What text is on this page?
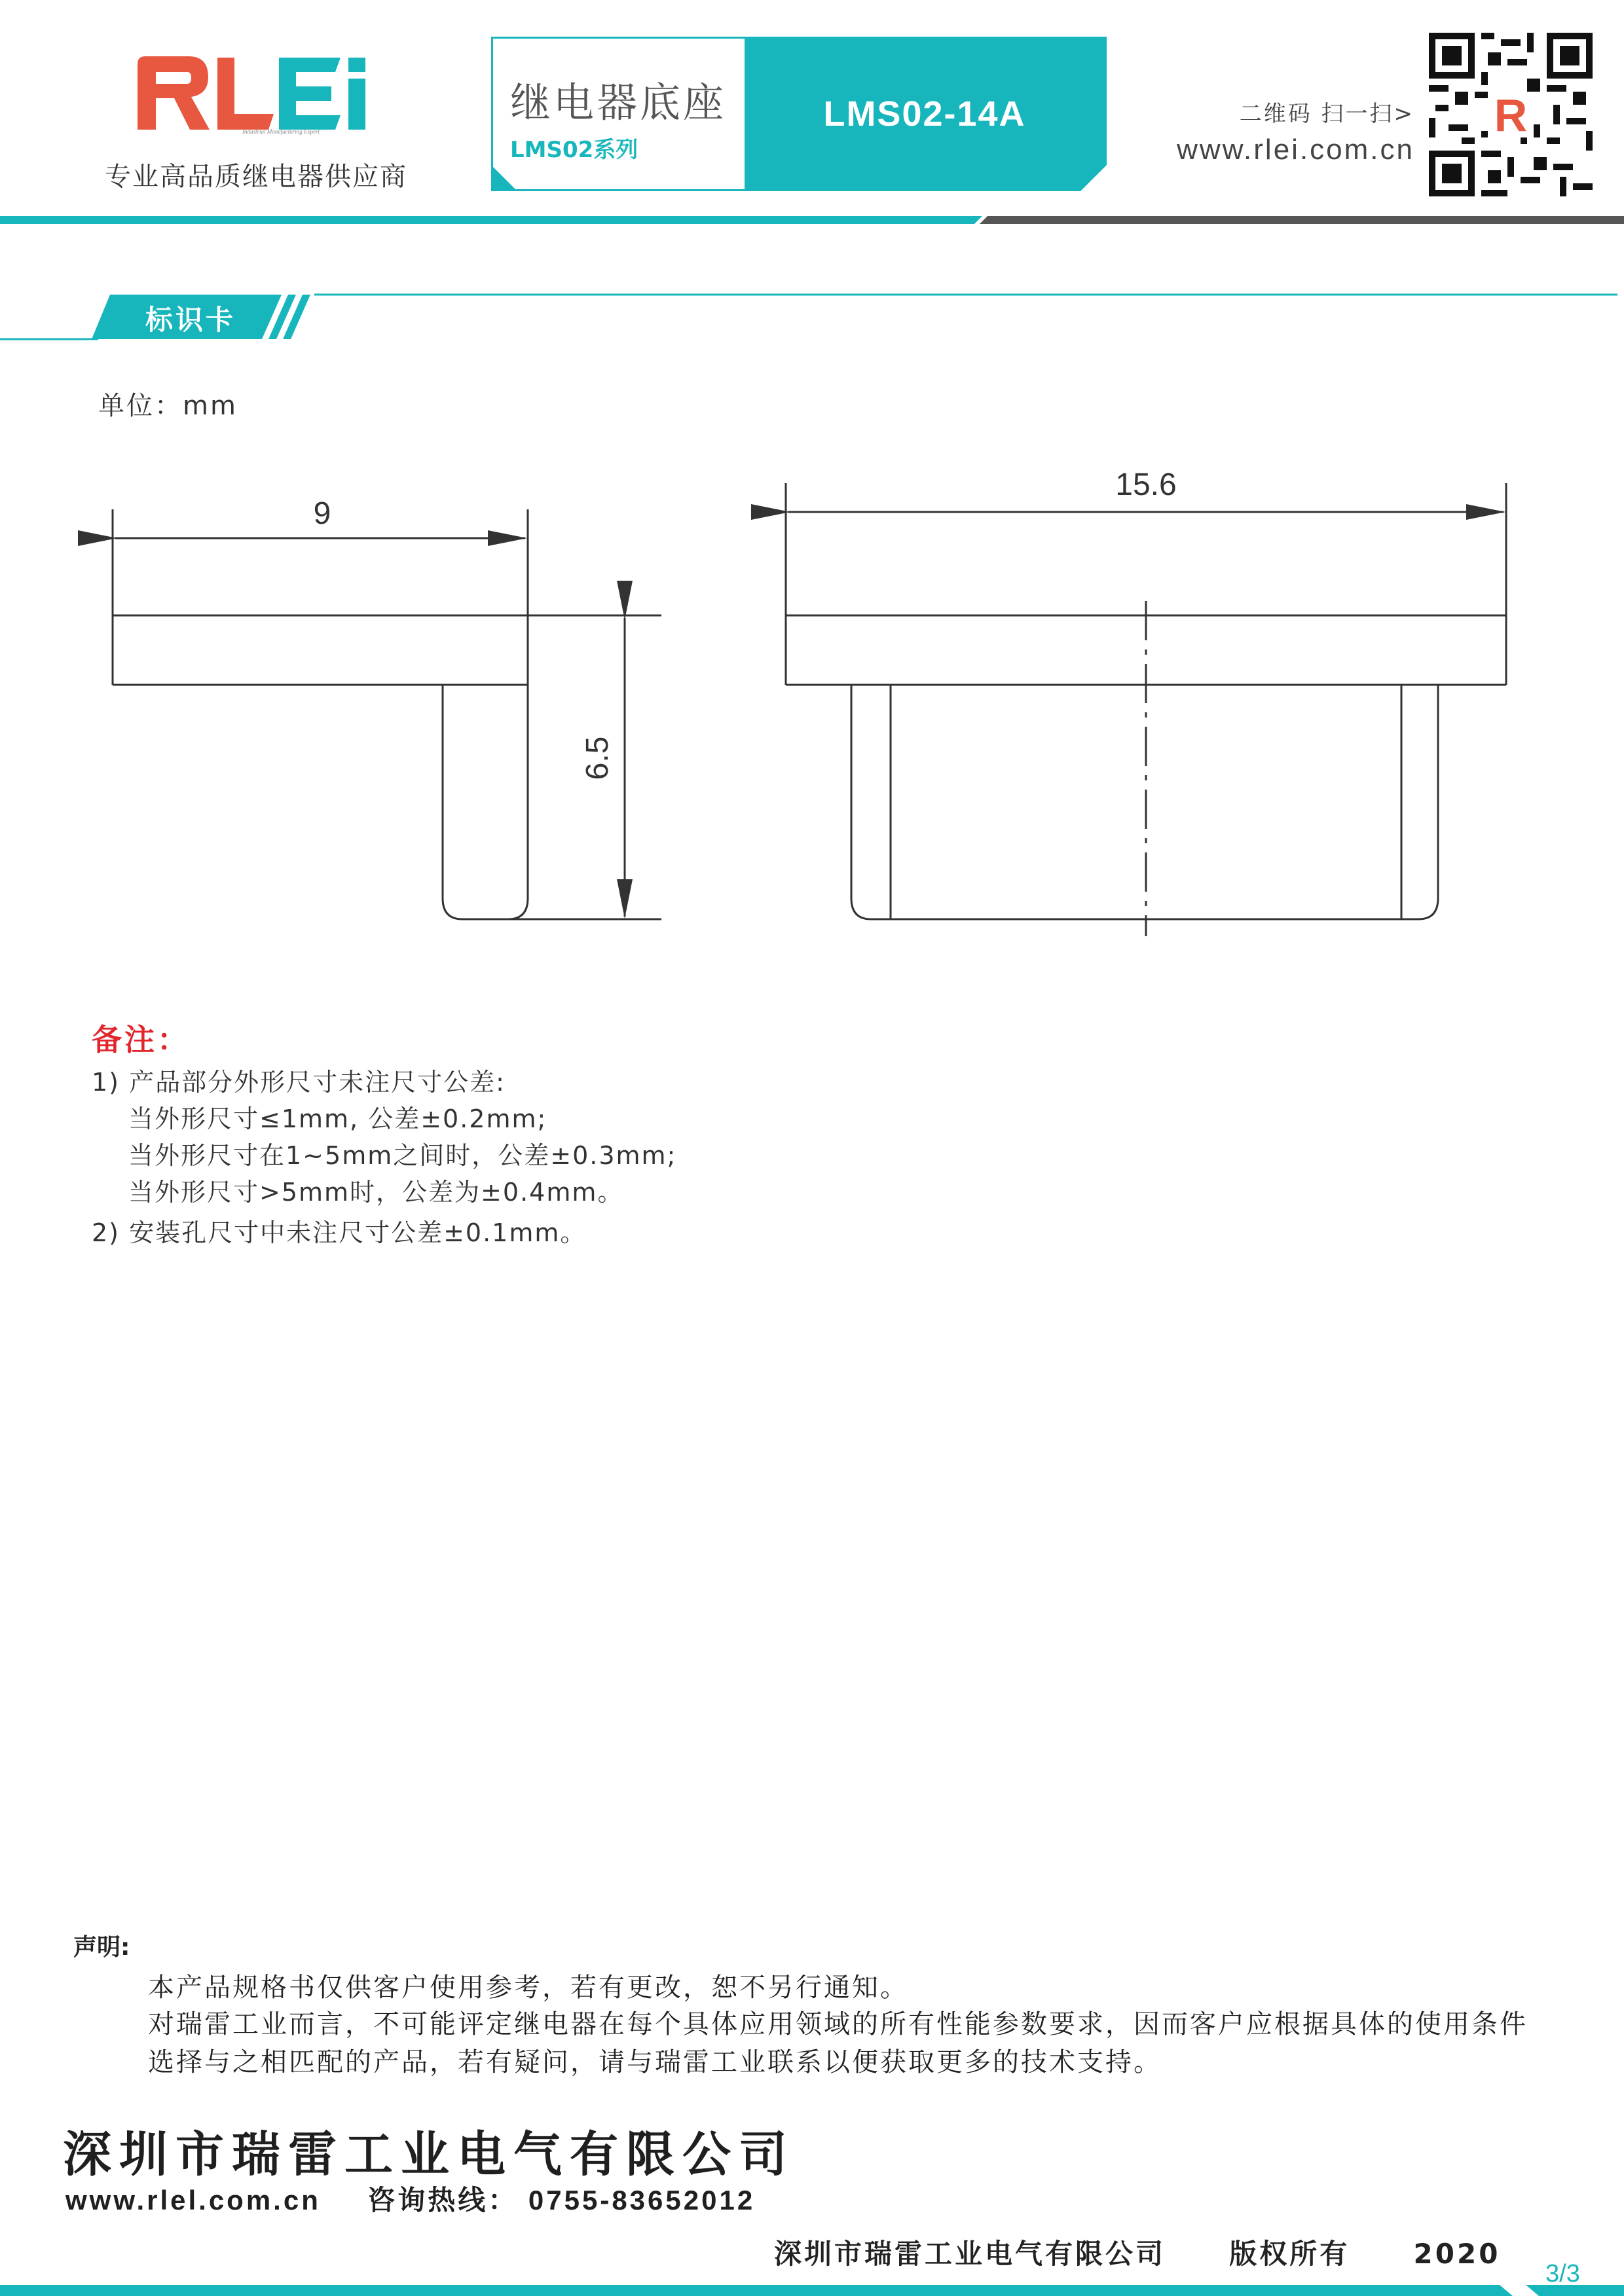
Industrial Manufacturing Expert
专业高品质继电器供应商
继电器底座
LMS02系列
LMS02-14A	二维码 扫一扫>
www.rlei.com.cn
R
标识卡
单位：mm
9
6.5
15.6
备注：
1) 产品部分外形尺寸未注尺寸公差:
当外形尺寸≤1mm, 公差±0.2mm;
当外形尺寸在1~5mm之间时，公差±0.3mm;
当外形尺寸>5mm时，公差为±0.4mm。
2) 安装孔尺寸中未注尺寸公差±0.1mm。
声明:
本产品规格书仅供客户使用参考，若有更改，恕不另行通知。
对瑞雷工业而言，不可能评定继电器在每个具体应用领域的所有性能参数要求，因而客户应根据具体的使用条件
选择与之相匹配的产品，若有疑问，请与瑞雷工业联系以便获取更多的技术支持。
深圳市瑞雷工业电气有限公司
www.rlel.com.cn 咨询热线： 0755-83652012
深圳市瑞雷工业电气有限公司 版权所有 2020
3/3
